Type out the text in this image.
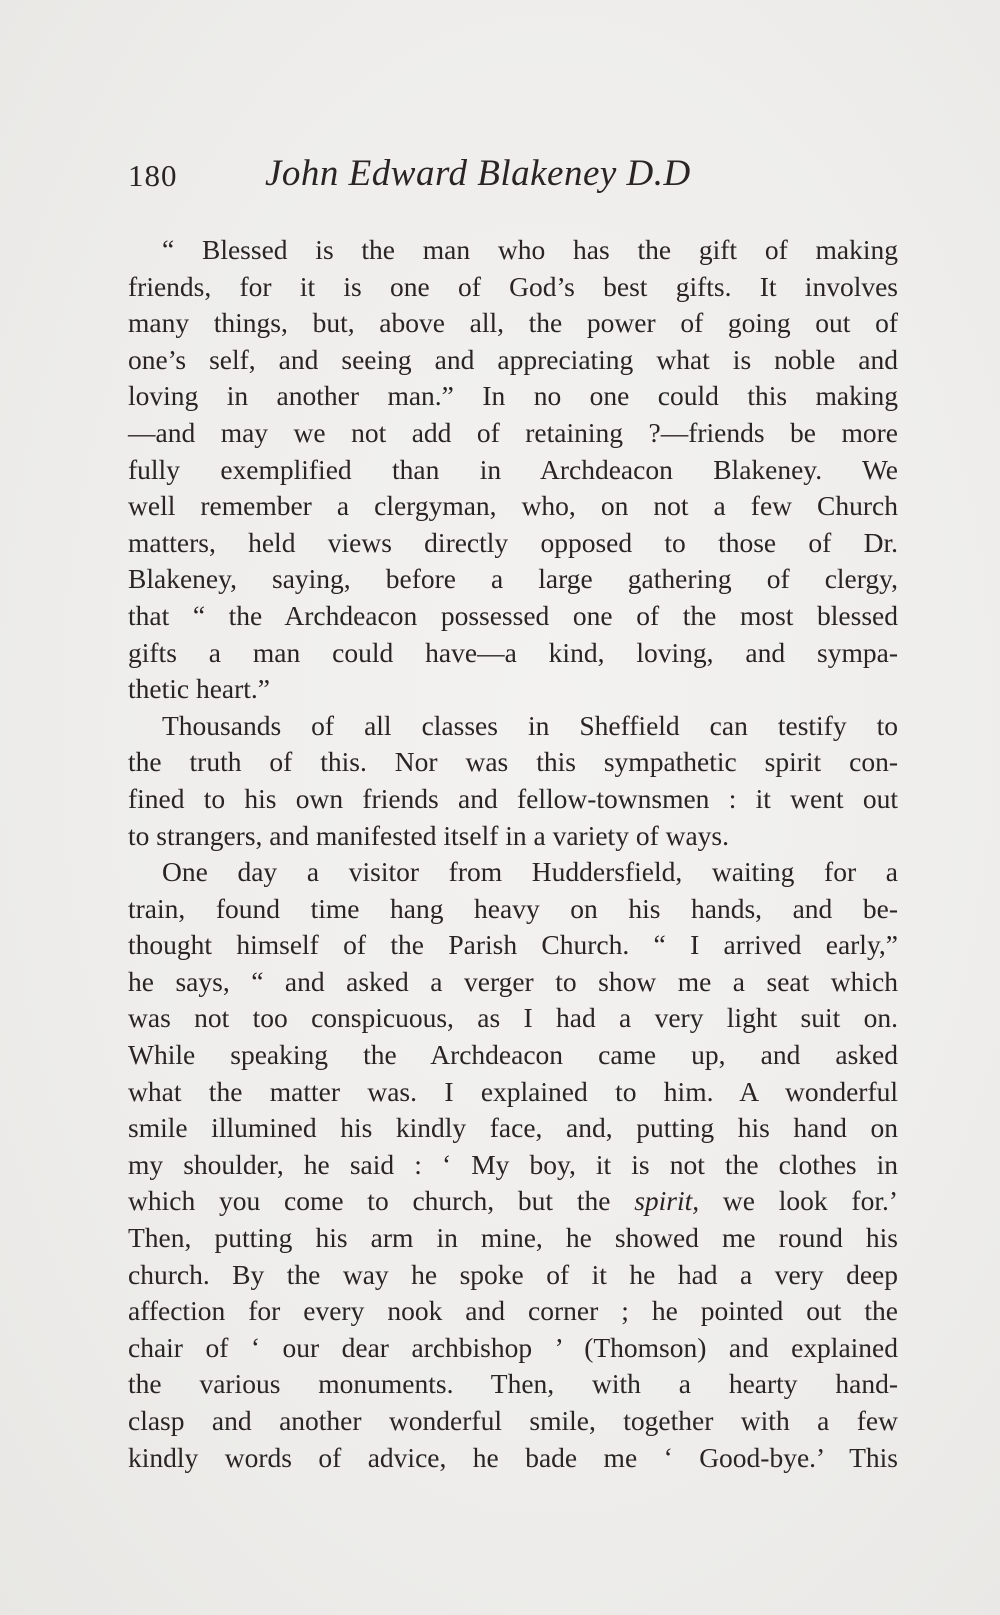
180 John Edward Blakeney D.D
“ Blessed is the man who has the gift of making
friends, for it is one of God’s best gifts. It involves
many things, but, above all, the power of going out of
one’s self, and seeing and appreciating what is noble and
loving in another man.” In no one could this making
—and may we not add of retaining ?—friends be more
fully exemplified than in Archdeacon Blakeney. We
well remember a clergyman, who, on not a few Church
matters, held views directly opposed to those of Dr.
Blakeney, saying, before a large gathering of clergy,
that “ the Archdeacon possessed one of the most blessed
gifts a man could have—a kind, loving, and sympa-
thetic heart.”
Thousands of all classes in Sheffield can testify to
the truth of this. Nor was this sympathetic spirit con-
fined to his own friends and fellow-townsmen : it went out
to strangers, and manifested itself in a variety of ways.
One day a visitor from Huddersfield, waiting for a
train, found time hang heavy on his hands, and be-
thought himself of the Parish Church. “ I arrived early,”
he says, “ and asked a verger to show me a seat which
was not too conspicuous, as I had a very light suit on.
While speaking the Archdeacon came up, and asked
what the matter was. I explained to him. A wonderful
smile illumined his kindly face, and, putting his hand on
my shoulder, he said : ‘ My boy, it is not the clothes in
which you come to church, but the spirit, we look for.’
Then, putting his arm in mine, he showed me round his
church. By the way he spoke of it he had a very deep
affection for every nook and corner ; he pointed out the
chair of ‘ our dear archbishop ’ (Thomson) and explained
the various monuments. Then, with a hearty hand-
clasp and another wonderful smile, together with a few
kindly words of advice, he bade me ‘ Good-bye.’ This
